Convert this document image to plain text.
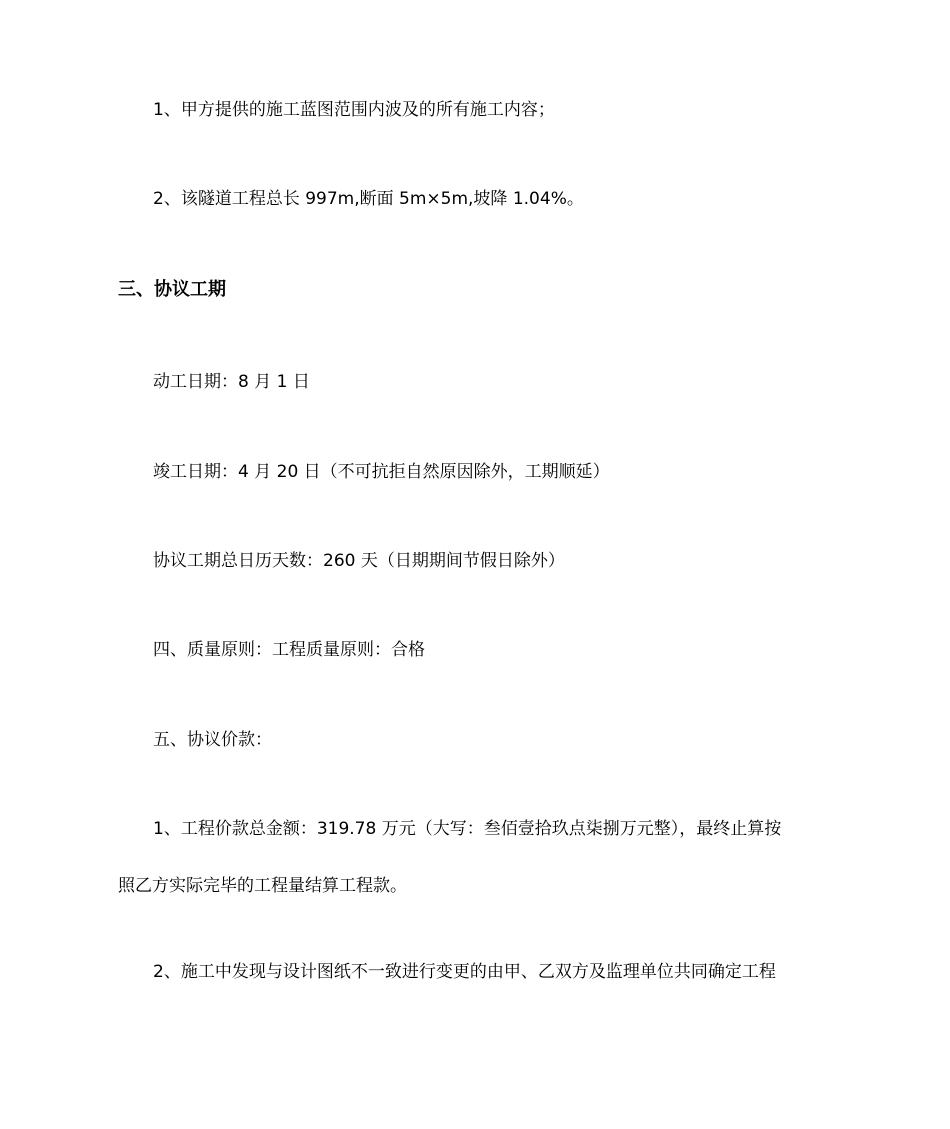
1、甲方提供的施工蓝图范围内波及的所有施工内容；
2、该隧道工程总长 997m,断面 5m×5m,坡降 1.04%。
三、协议工期
动工日期：8 月 1 日
竣工日期：4 月 20 日（不可抗拒自然原因除外，工期顺延）
协议工期总日历天数：260 天（日期期间节假日除外）
四、质量原则：工程质量原则：合格
五、协议价款：
1、工程价款总金额：319.78 万元（大写：叁佰壹拾玖点柒捌万元整），最终止算按
照乙方实际完毕的工程量结算工程款。
2、施工中发现与设计图纸不一致进行变更的由甲、乙双方及监理单位共同确定工程
